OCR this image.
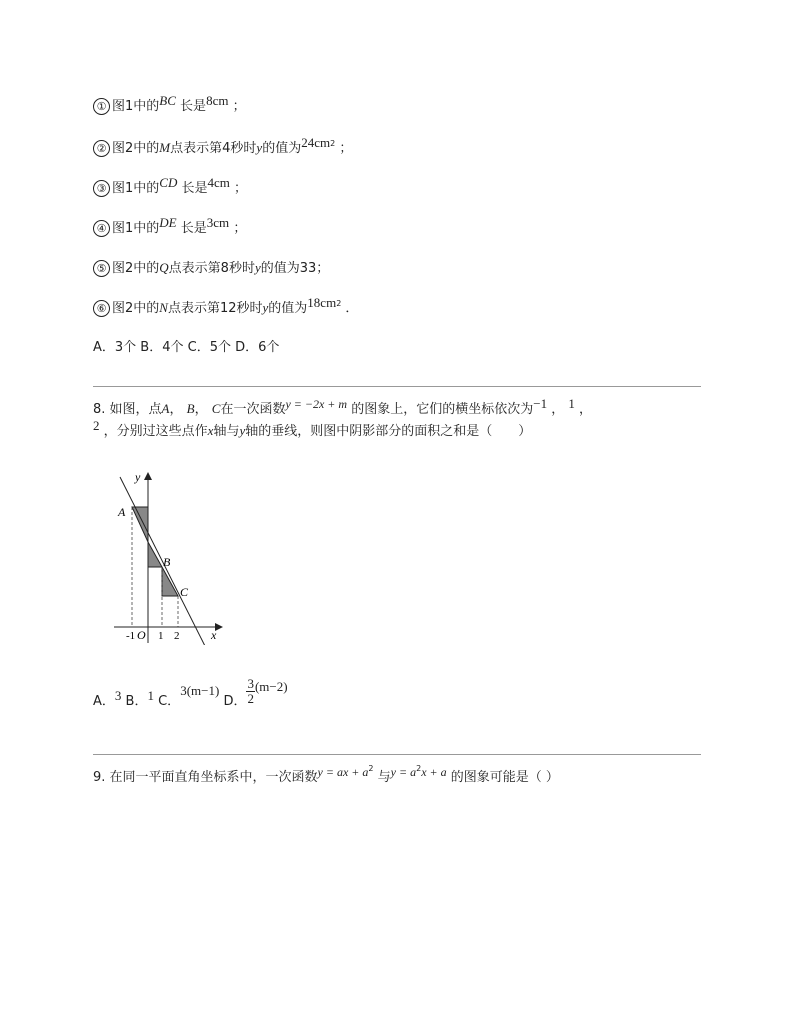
① 图1中的BC 长是8cm ；
② 图2中的M点表示第4秒时y的值为$24cm^2$ ；
③ 图1中的CD 长是4cm ；
④ 图1中的DE 长是3cm ；
⑤ 图2中的Q点表示第8秒时y的值为33；
⑥ 图2中的N点表示第12秒时y的值为$18cm^2$ ．
A．3个 B．4个 C．5个 D．6个
8. 如图，点A， B， C在一次函数y = −2x + m 的图象上，它们的横坐标依次为−1 ， 1 ，
2 ，分别过这些点作x轴与y轴的垂线，则图中阴影部分的面积之和是（　　）
y
x
A
B
C
-1 O 1 2
A．3 B．1 C．3(m−1) D． $\frac{3}{2} (m-2)$
9. 在同一平面直角坐标系中，一次函数y = ax + $a^2$ 与$y = a^2x + a$ 的图象可能是（ ）
